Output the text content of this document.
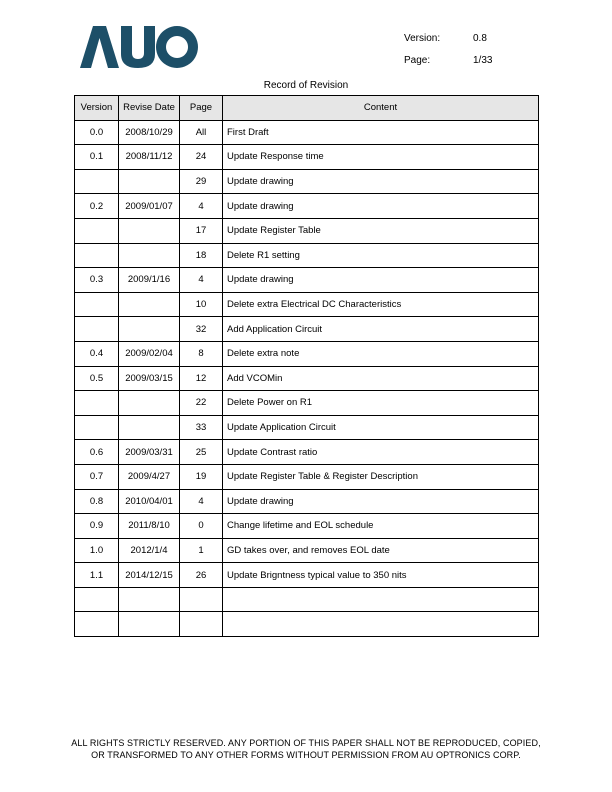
Version:	0.8
Page:	1/33
Record of Revision
Version	Revise Date	Page	Content
0.0	2008/10/29	All	First Draft
0.1	2008/11/12	24	Update Response time
		29	Update drawing
0.2	2009/01/07	4	Update drawing
		17	Update Register Table
		18	Delete R1 setting
0.3	2009/1/16	4	Update drawing
		10	Delete extra Electrical DC Characteristics
		32	Add Application Circuit
0.4	2009/02/04	8	Delete extra note
0.5	2009/03/15	12	Add VCOMin
		22	Delete Power on R1
		33	Update Application Circuit
0.6	2009/03/31	25	Update Contrast ratio
0.7	2009/4/27	19	Update Register Table & Register Description
0.8	2010/04/01	4	Update drawing
0.9	2011/8/10	0	Change lifetime and EOL schedule
1.0	2012/1/4	1	GD takes over, and removes EOL date
1.1	2014/12/15	26	Update Brigntness typical value to 350 nits

ALL RIGHTS STRICTLY RESERVED. ANY PORTION OF THIS PAPER SHALL NOT BE REPRODUCED, COPIED,
OR TRANSFORMED TO ANY OTHER FORMS WITHOUT PERMISSION FROM AU OPTRONICS CORP.
